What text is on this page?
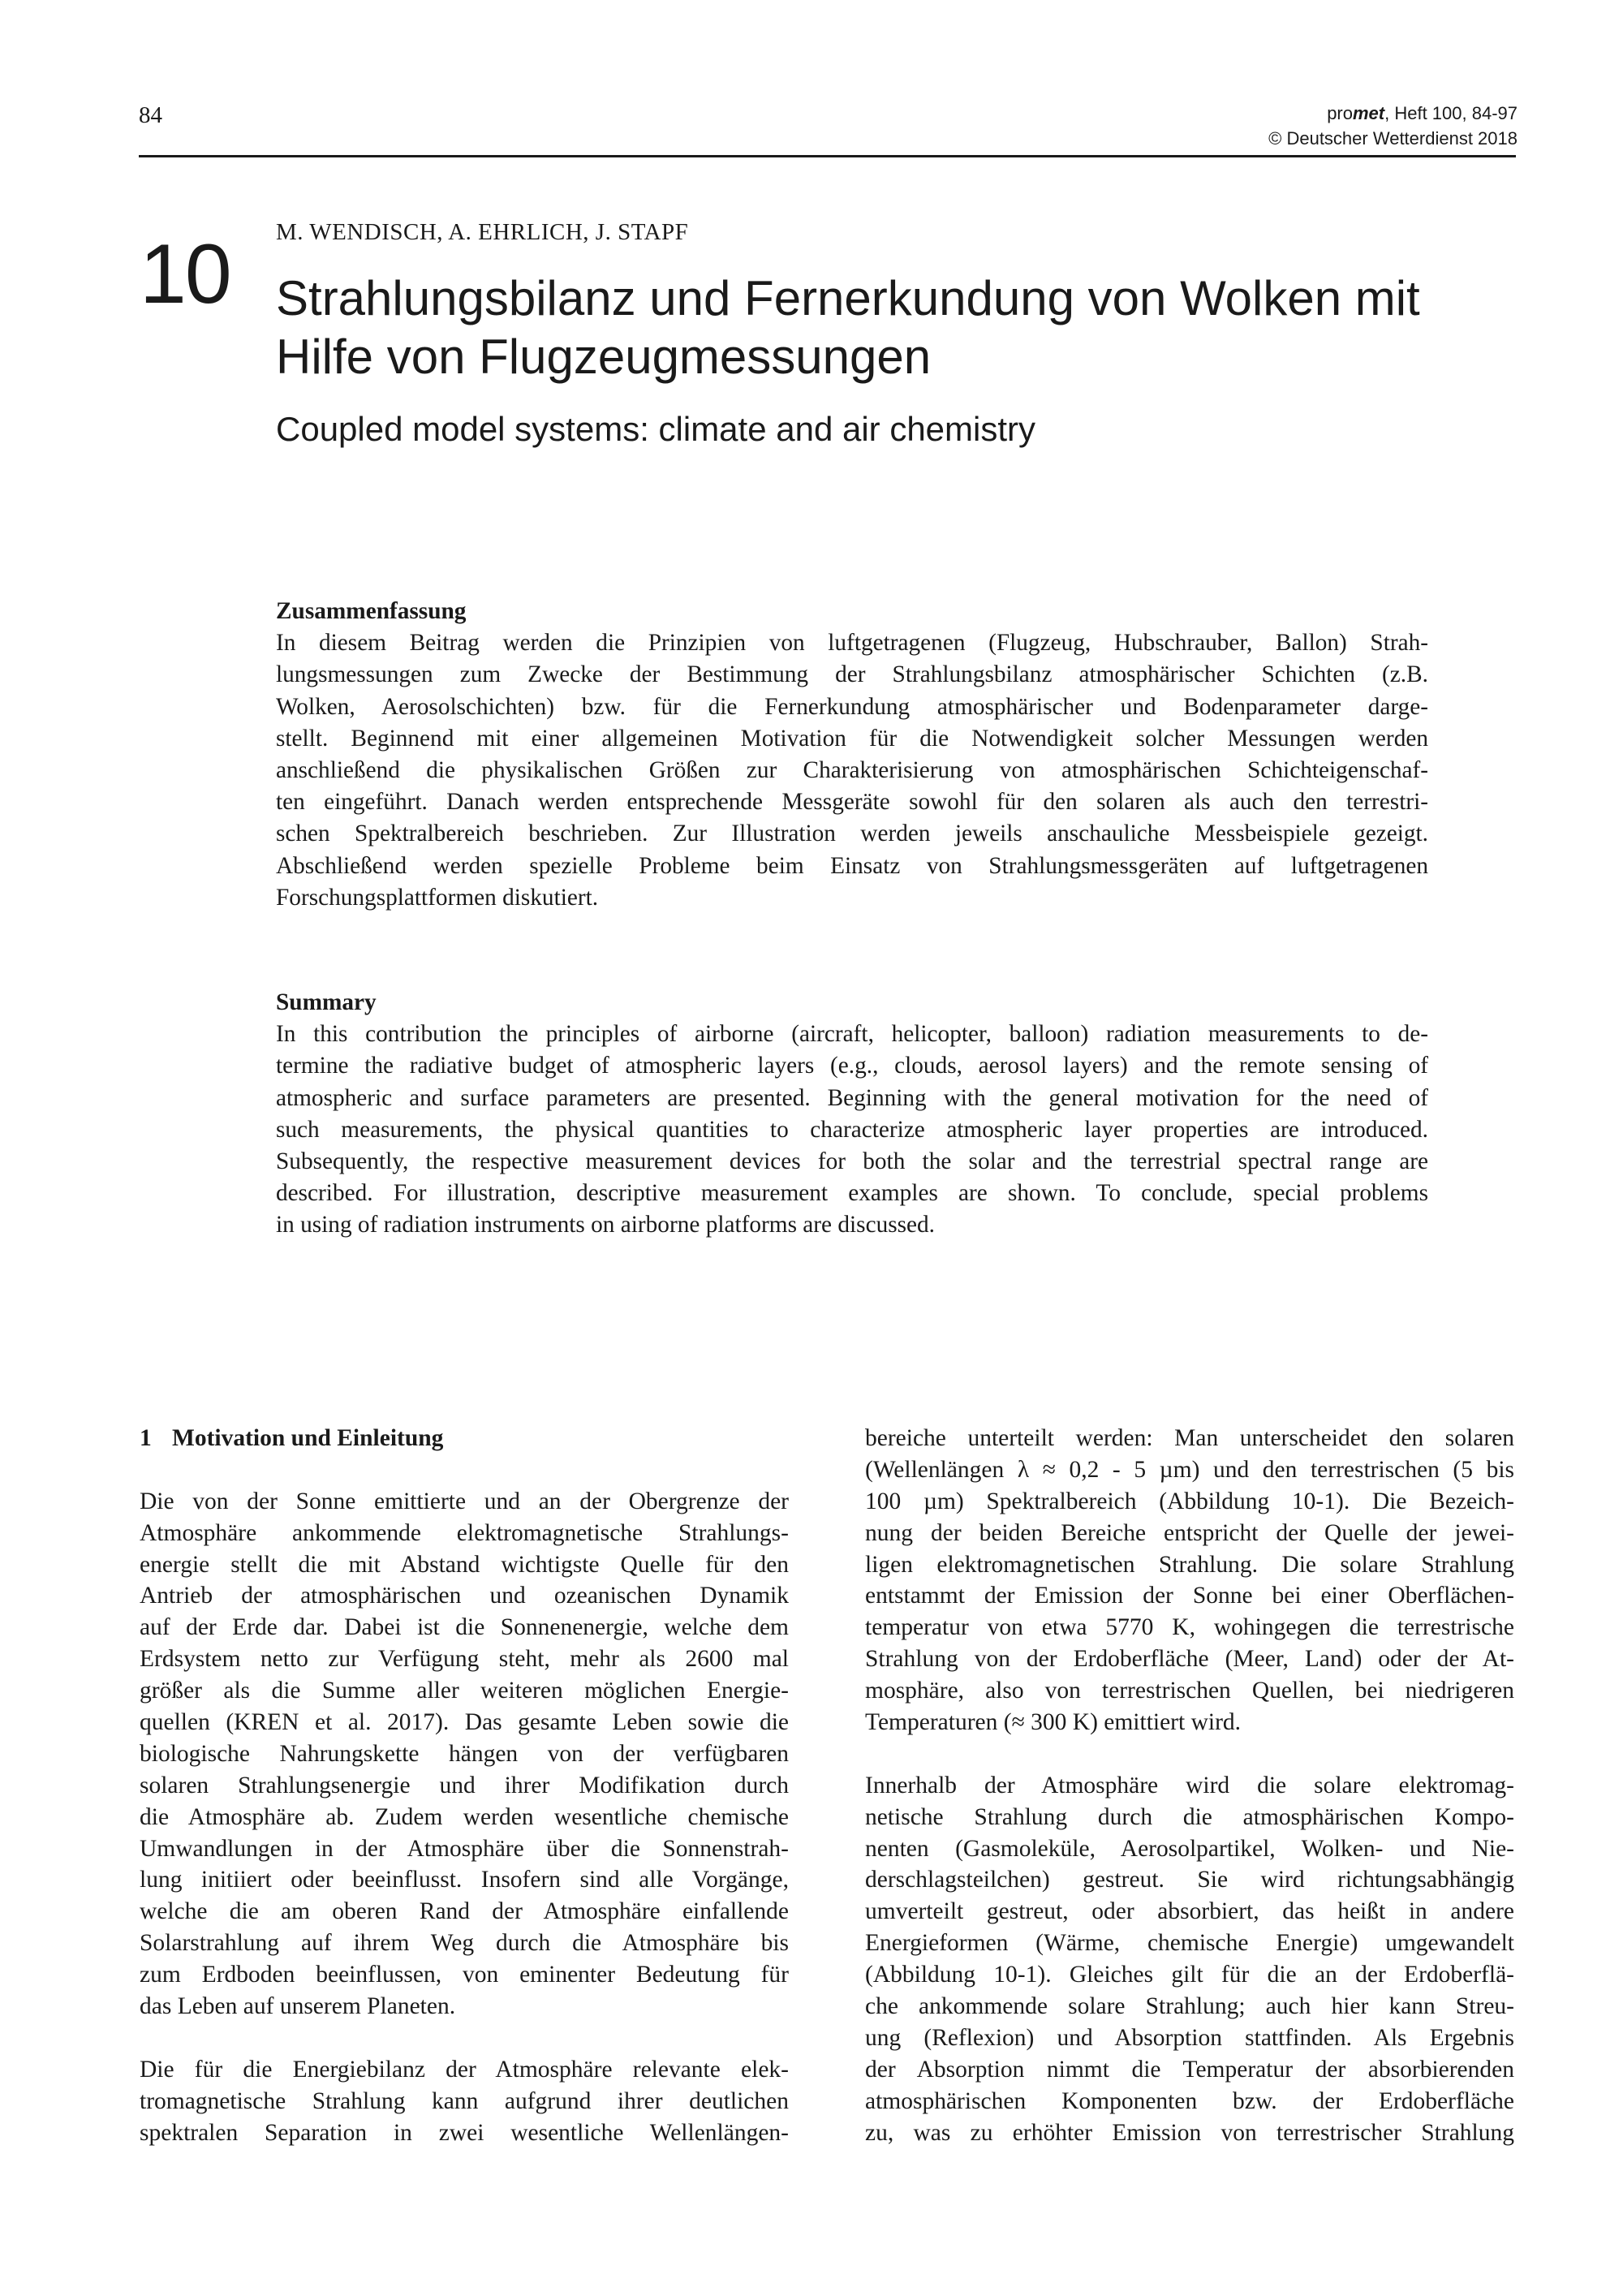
84	promet, Heft 100, 84-97
© Deutscher Wetterdienst 2018
10 M. WENDISCH, A. EHRLICH, J. STAPF
Strahlungsbilanz und Fernerkundung von Wolken mit
Hilfe von Flugzeugmessungen
Coupled model systems: climate and air chemistry
Zusammenfassung
In diesem Beitrag werden die Prinzipien von luftgetragenen (Flugzeug, Hubschrauber, Ballon) Strah-
lungsmessungen zum Zwecke der Bestimmung der Strahlungsbilanz atmosphärischer Schichten (z.B.
Wolken, Aerosolschichten) bzw. für die Fernerkundung atmosphärischer und Bodenparameter darge-
stellt. Beginnend mit einer allgemeinen Motivation für die Notwendigkeit solcher Messungen werden
anschließend die physikalischen Größen zur Charakterisierung von atmosphärischen Schichteigenschaf-
ten eingeführt. Danach werden entsprechende Messgeräte sowohl für den solaren als auch den terrestri-
schen Spektralbereich beschrieben. Zur Illustration werden jeweils anschauliche Messbeispiele gezeigt.
Abschließend werden spezielle Probleme beim Einsatz von Strahlungsmessgeräten auf luftgetragenen
Forschungsplattformen diskutiert.
Summary
In this contribution the principles of airborne (aircraft, helicopter, balloon) radiation measurements to de-
termine the radiative budget of atmospheric layers (e.g., clouds, aerosol layers) and the remote sensing of
atmospheric and surface parameters are presented. Beginning with the general motivation for the need of
such measurements, the physical quantities to characterize atmospheric layer properties are introduced.
Subsequently, the respective measurement devices for both the solar and the terrestrial spectral range are
described. For illustration, descriptive measurement examples are shown. To conclude, special problems
in using of radiation instruments on airborne platforms are discussed.
1 Motivation und Einleitung
Die von der Sonne emittierte und an der Obergrenze der
Atmosphäre ankommende elektromagnetische Strahlungs-
energie stellt die mit Abstand wichtigste Quelle für den
Antrieb der atmosphärischen und ozeanischen Dynamik
auf der Erde dar. Dabei ist die Sonnenenergie, welche dem
Erdsystem netto zur Verfügung steht, mehr als 2600 mal
größer als die Summe aller weiteren möglichen Energie-
quellen (KREN et al. 2017). Das gesamte Leben sowie die
biologische Nahrungskette hängen von der verfügbaren
solaren Strahlungsenergie und ihrer Modifikation durch
die Atmosphäre ab. Zudem werden wesentliche chemische
Umwandlungen in der Atmosphäre über die Sonnenstrah-
lung initiiert oder beeinflusst. Insofern sind alle Vorgänge,
welche die am oberen Rand der Atmosphäre einfallende
Solarstrahlung auf ihrem Weg durch die Atmosphäre bis
zum Erdboden beeinflussen, von eminenter Bedeutung für
das Leben auf unserem Planeten.
Die für die Energiebilanz der Atmosphäre relevante elek-
tromagnetische Strahlung kann aufgrund ihrer deutlichen
spektralen Separation in zwei wesentliche Wellenlängen-
bereiche unterteilt werden: Man unterscheidet den solaren
(Wellenlängen λ ≈ 0,2 - 5 µm) und den terrestrischen (5 bis
100 µm) Spektralbereich (Abbildung 10-1). Die Bezeich-
nung der beiden Bereiche entspricht der Quelle der jewei-
ligen elektromagnetischen Strahlung. Die solare Strahlung
entstammt der Emission der Sonne bei einer Oberflächen-
temperatur von etwa 5770 K, wohingegen die terrestrische
Strahlung von der Erdoberfläche (Meer, Land) oder der At-
mosphäre, also von terrestrischen Quellen, bei niedrigeren
Temperaturen (≈ 300 K) emittiert wird.
Innerhalb der Atmosphäre wird die solare elektromag-
netische Strahlung durch die atmosphärischen Kompo-
nenten (Gasmoleküle, Aerosolpartikel, Wolken- und Nie-
derschlagsteilchen) gestreut. Sie wird richtungsabhängig
umverteilt gestreut, oder absorbiert, das heißt in andere
Energieformen (Wärme, chemische Energie) umgewandelt
(Abbildung 10-1). Gleiches gilt für die an der Erdoberflä-
che ankommende solare Strahlung; auch hier kann Streu-
ung (Reflexion) und Absorption stattfinden. Als Ergebnis
der Absorption nimmt die Temperatur der absorbierenden
atmosphärischen Komponenten bzw. der Erdoberfläche
zu, was zu erhöhter Emission von terrestrischer Strahlung
